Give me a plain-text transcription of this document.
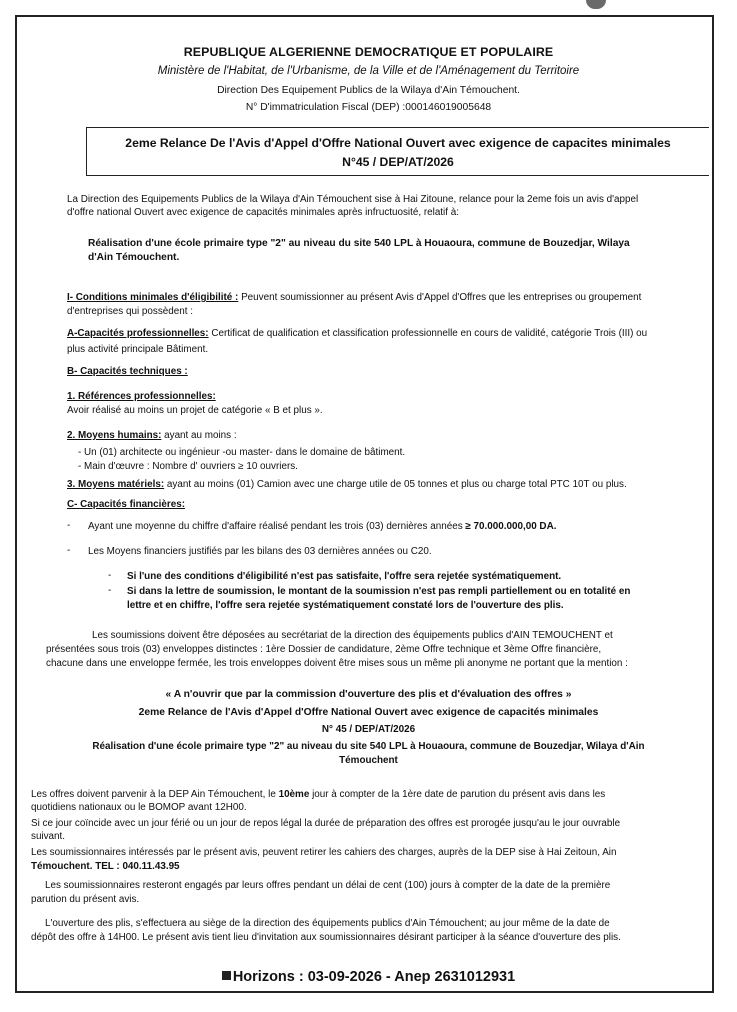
REPUBLIQUE ALGERIENNE DEMOCRATIQUE ET POPULAIRE
Ministère de l'Habitat, de l'Urbanisme, de la Ville et de l'Aménagement du Territoire
Direction Des Equipement Publics de la Wilaya d'Ain Témouchent.
N° D'immatriculation Fiscal (DEP) :000146019005648
2eme Relance De l'Avis d'Appel d'Offre National Ouvert avec exigence de capacites minimales
N°45 / DEP/AT/2026
La Direction des Equipements Publics de la Wilaya d'Ain Témouchent sise à Hai Zitoune, relance pour la 2eme fois un avis d'appel
d'offre national Ouvert avec exigence de capacités minimales après infructuosité, relatif à:
Réalisation d'une école primaire type "2" au niveau du site 540 LPL à Houaoura, commune de Bouzedjar, Wilaya
d'Ain Témouchent.
I- Conditions minimales d'éligibilité : Peuvent soumissionner au présent Avis d'Appel d'Offres que les entreprises ou groupement
d'entreprises qui possèdent :
A-Capacités professionnelles: Certificat de qualification et classification professionnelle en cours de validité, catégorie Trois (III) ou
plus activité principale Bâtiment.
B- Capacités techniques :
1. Références professionnelles:
Avoir réalisé au moins un projet de catégorie « B et plus ».
2. Moyens humains: ayant au moins :
- Un (01) architecte ou ingénieur -ou master- dans le domaine de bâtiment.
- Main d'œuvre : Nombre d' ouvriers ≥ 10 ouvriers.
3. Moyens matériels: ayant au moins (01) Camion avec une charge utile de 05 tonnes et plus ou charge total PTC 10T ou plus.
C- Capacités financières:
- Ayant une moyenne du chiffre d'affaire réalisé pendant les trois (03) dernières années ≥ 70.000.000,00 DA.
- Les Moyens financiers justifiés par les bilans des 03 dernières années ou C20.
- Si l'une des conditions d'éligibilité n'est pas satisfaite, l'offre sera rejetée systématiquement.
- Si dans la lettre de soumission, le montant de la soumission n'est pas rempli partiellement ou en totalité en
lettre et en chiffre, l'offre sera rejetée systématiquement constaté lors de l'ouverture des plis.
Les soumissions doivent être déposées au secrétariat de la direction des équipements publics d'AIN TEMOUCHENT et
présentées sous trois (03) enveloppes distinctes : 1ère Dossier de candidature, 2ème Offre technique et 3ème Offre financière,
chacune dans une enveloppe fermée, les trois enveloppes doivent être mises sous un même pli anonyme ne portant que la mention :
« A n'ouvrir que par la commission d'ouverture des plis et d'évaluation des offres »
2eme Relance de l'Avis d'Appel d'Offre National Ouvert avec exigence de capacités minimales
N° 45 / DEP/AT/2026
Réalisation d'une école primaire type "2" au niveau du site 540 LPL à Houaoura, commune de Bouzedjar, Wilaya d'Ain
Témouchent
Les offres doivent parvenir à la DEP Ain Témouchent, le 10ème jour à compter de la 1ère date de parution du présent avis dans les
quotidiens nationaux ou le BOMOP avant 12H00.
Si ce jour coïncide avec un jour férié ou un jour de repos légal la durée de préparation des offres est prorogée jusqu'au le jour ouvrable
suivant.
Les soumissionnaires intéressés par le présent avis, peuvent retirer les cahiers des charges, auprès de la DEP sise à Hai Zeitoun, Ain
Témouchent. TEL : 040.11.43.95
Les soumissionnaires resteront engagés par leurs offres pendant un délai de cent (100) jours à compter de la date de la première
parution du présent avis.
L'ouverture des plis, s'effectuera au siège de la direction des équipements publics d'Ain Témouchent; au jour même de la date de
dépôt des offre à 14H00. Le présent avis tient lieu d'invitation aux soumissionnaires désirant participer à la séance d'ouverture des plis.
Horizons : 03-09-2026 - Anep 2631012931
